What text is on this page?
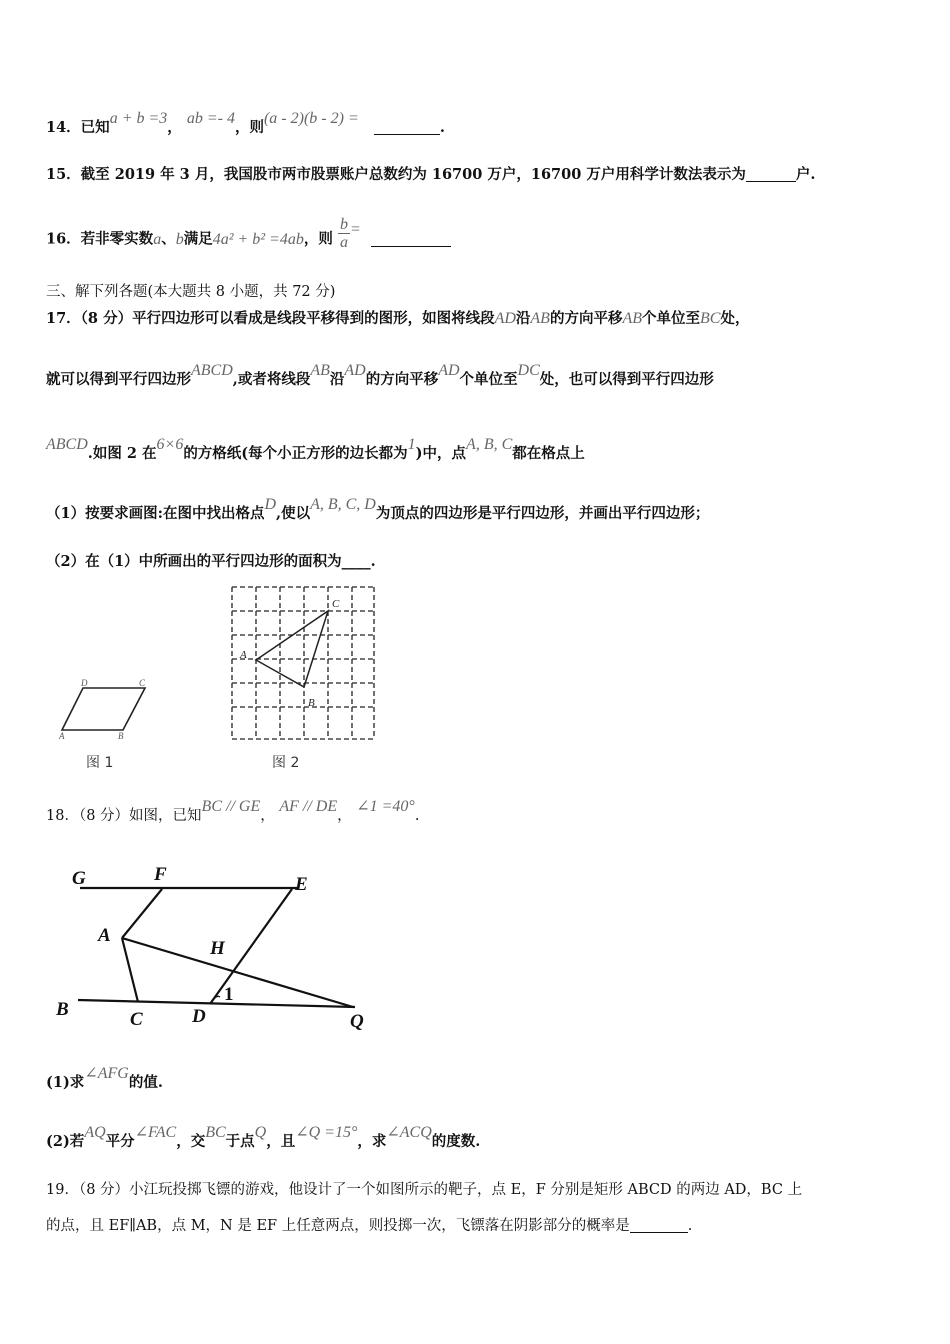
14．已知a + b =3， ab =- 4，则(a - 2)(b - 2) =   .
15．截至 2019 年 3 月，我国股市两市股票账户总数约为 16700 万户，16700 万户用科学计数法表示为	户.
16．若非零实数a、b满足4a² + b² =4ab，则 $\frac{b}{a}$ =
三、解下列各题(本大题共 8 小题，共 72 分)
17．（8 分）平行四边形可以看成是线段平移得到的图形，如图将线段AD沿AB的方向平移AB个单位至BC处，
就可以得到平行四边形ABCD,或者将线段AB沿AD的方向平移AD个单位至DC处，也可以得到平行四边形
ABCD.如图 2 在6×6的方格纸(每个小正方形的边长都为1)中，点A, B, C都在格点上
（1）按要求画图:在图中找出格点D,使以A, B, C, D为顶点的四边形是平行四边形，并画出平行四边形；
（2）在（1）中所画出的平行四边形的面积为____.
D	C
A	B
图 1
A
B
C
图 2
18．（8 分）如图，已知BC // GE， AF // DE， ∠1 =40°.
G	F	E
A
H
B	C	D
1
Q
(1)求∠AFG的值.
(2)若AQ平分∠FAC，交BC于点Q，且∠Q =15°，求∠ACQ的度数.
19．（8 分）小江玩投掷飞镖的游戏，他设计了一个如图所示的靶子，点 E，F 分别是矩形 ABCD 的两边 AD，BC 上
的点，且 EF∥AB，点 M，N 是 EF 上任意两点，则投掷一次，飞镖落在阴影部分的概率是	.
